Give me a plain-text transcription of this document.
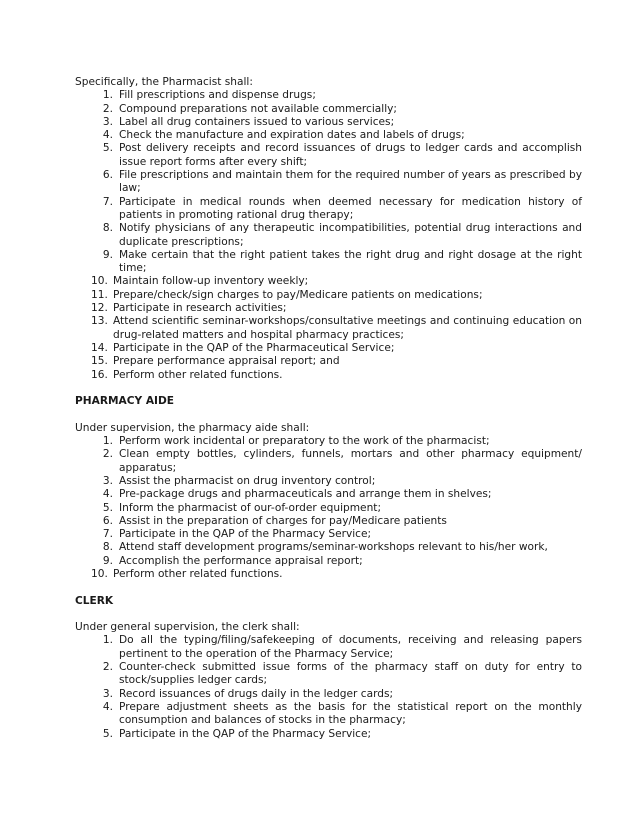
Specifically, the Pharmacist shall:

1. Fill prescriptions and dispense drugs;
2. Compound preparations not available commercially;
3. Label all drug containers issued to various services;
4. Check the manufacture and expiration dates and labels of drugs;
5. Post delivery receipts and record issuances of drugs to ledger cards and accomplish issue report forms after every shift;
6. File prescriptions and maintain them for the required number of years as prescribed by law;
7. Participate in medical rounds when deemed necessary for medication history of patients in promoting rational drug therapy;
8. Notify physicians of any therapeutic incompatibilities, potential drug interactions and duplicate prescriptions;
9. Make certain that the right patient takes the right drug and right dosage at the right time;
10. Maintain follow-up inventory weekly;
11. Prepare/check/sign charges to pay/Medicare patients on medications;
12. Participate in research activities;
13. Attend scientific seminar-workshops/consultative meetings and continuing education on drug-related matters and hospital pharmacy practices;
14. Participate in the QAP of the Pharmaceutical Service;
15. Prepare performance appraisal report; and
16. Perform other related functions.

PHARMACY AIDE

Under supervision, the pharmacy aide shall:

1. Perform work incidental or preparatory to the work of the pharmacist;
2. Clean empty bottles, cylinders, funnels, mortars and other pharmacy equipment/ apparatus;
3. Assist the pharmacist on drug inventory control;
4. Pre-package drugs and pharmaceuticals and arrange them in shelves;
5. Inform the pharmacist of our-of-order equipment;
6. Assist in the preparation of charges for pay/Medicare patients
7. Participate in the QAP of the Pharmacy Service;
8. Attend staff development programs/seminar-workshops relevant to his/her work,
9. Accomplish the performance appraisal report;
10. Perform other related functions.

CLERK

Under general supervision, the clerk shall:

1. Do all the typing/filing/safekeeping of documents, receiving and releasing papers pertinent to the operation of the Pharmacy Service;
2. Counter-check submitted issue forms of the pharmacy staff on duty for entry to stock/supplies ledger cards;
3. Record issuances of drugs daily in the ledger cards;
4. Prepare adjustment sheets as the basis for the statistical report on the monthly consumption and balances of stocks in the pharmacy;
5. Participate in the QAP of the Pharmacy Service;
